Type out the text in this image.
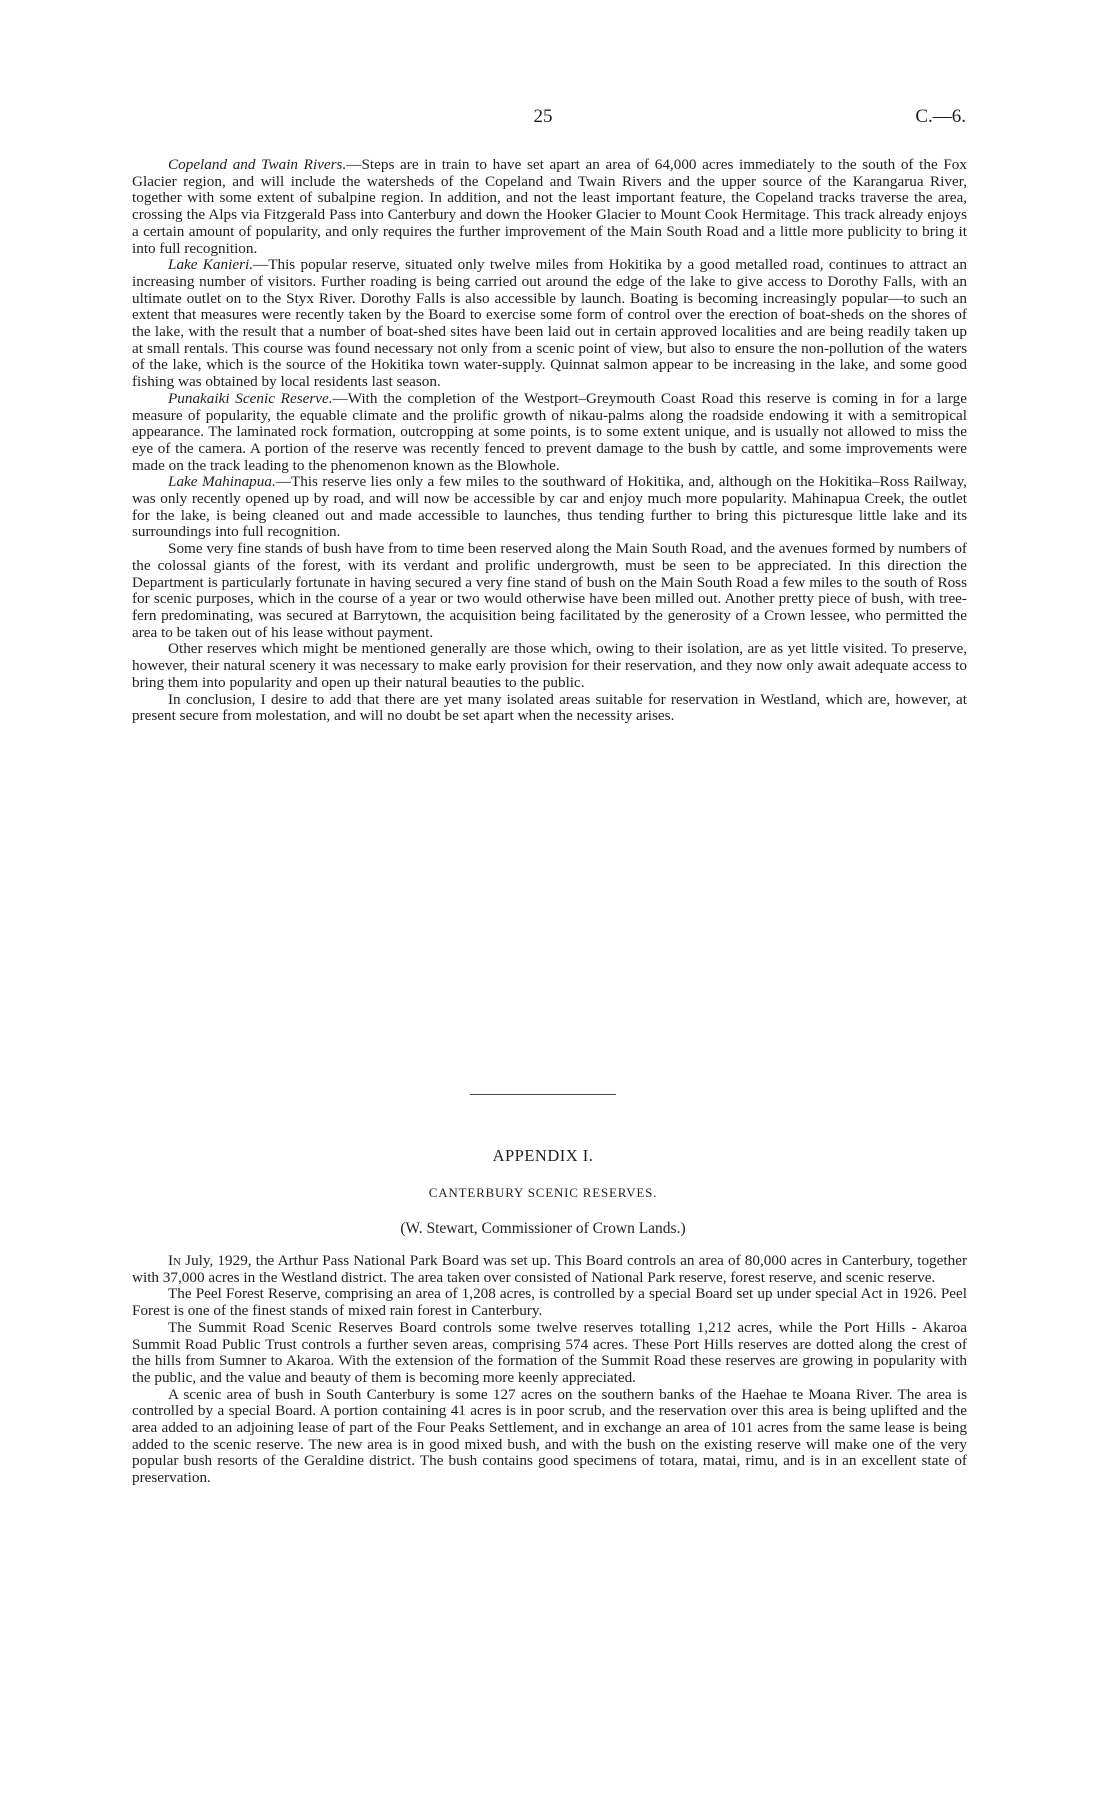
25	C.—6.

Copeland and Twain Rivers.—Steps are in train to have set apart an area of 64,000 acres immediately to the south of the Fox Glacier region, and will include the watersheds of the Copeland and Twain Rivers and the upper source of the Karangarua River, together with some extent of subalpine region. In addition, and not the least important feature, the Copeland tracks traverse the area, crossing the Alps via Fitzgerald Pass into Canterbury and down the Hooker Glacier to Mount Cook Hermitage. This track already enjoys a certain amount of popularity, and only requires the further improvement of the Main South Road and a little more publicity to bring it into full recognition.

Lake Kanieri.—This popular reserve, situated only twelve miles from Hokitika by a good metalled road, continues to attract an increasing number of visitors. Further roading is being carried out around the edge of the lake to give access to Dorothy Falls, with an ultimate outlet on to the Styx River. Dorothy Falls is also accessible by launch. Boating is becoming increasingly popular—to such an extent that measures were recently taken by the Board to exercise some form of control over the erection of boat-sheds on the shores of the lake, with the result that a number of boat-shed sites have been laid out in certain approved localities and are being readily taken up at small rentals. This course was found necessary not only from a scenic point of view, but also to ensure the non-pollution of the waters of the lake, which is the source of the Hokitika town water-supply. Quinnat salmon appear to be increasing in the lake, and some good fishing was obtained by local residents last season.

Punakaiki Scenic Reserve.—With the completion of the Westport–Greymouth Coast Road this reserve is coming in for a large measure of popularity, the equable climate and the prolific growth of nikau-palms along the roadside endowing it with a semitropical appearance. The laminated rock formation, outcropping at some points, is to some extent unique, and is usually not allowed to miss the eye of the camera. A portion of the reserve was recently fenced to prevent damage to the bush by cattle, and some improvements were made on the track leading to the phenomenon known as the Blowhole.

Lake Mahinapua.—This reserve lies only a few miles to the southward of Hokitika, and, although on the Hokitika–Ross Railway, was only recently opened up by road, and will now be accessible by car and enjoy much more popularity. Mahinapua Creek, the outlet for the lake, is being cleaned out and made accessible to launches, thus tending further to bring this picturesque little lake and its surroundings into full recognition.

Some very fine stands of bush have from to time been reserved along the Main South Road, and the avenues formed by numbers of the colossal giants of the forest, with its verdant and prolific undergrowth, must be seen to be appreciated. In this direction the Department is particularly fortunate in having secured a very fine stand of bush on the Main South Road a few miles to the south of Ross for scenic purposes, which in the course of a year or two would otherwise have been milled out. Another pretty piece of bush, with tree-fern predominating, was secured at Barrytown, the acquisition being facilitated by the generosity of a Crown lessee, who permitted the area to be taken out of his lease without payment.

Other reserves which might be mentioned generally are those which, owing to their isolation, are as yet little visited. To preserve, however, their natural scenery it was necessary to make early provision for their reservation, and they now only await adequate access to bring them into popularity and open up their natural beauties to the public.

In conclusion, I desire to add that there are yet many isolated areas suitable for reservation in Westland, which are, however, at present secure from molestation, and will no doubt be set apart when the necessity arises.

APPENDIX I.
CANTERBURY SCENIC RESERVES.
(W. Stewart, Commissioner of Crown Lands.)

In July, 1929, the Arthur Pass National Park Board was set up. This Board controls an area of 80,000 acres in Canterbury, together with 37,000 acres in the Westland district. The area taken over consisted of National Park reserve, forest reserve, and scenic reserve.

The Peel Forest Reserve, comprising an area of 1,208 acres, is controlled by a special Board set up under special Act in 1926. Peel Forest is one of the finest stands of mixed rain forest in Canterbury.

The Summit Road Scenic Reserves Board controls some twelve reserves totalling 1,212 acres, while the Port Hills - Akaroa Summit Road Public Trust controls a further seven areas, comprising 574 acres. These Port Hills reserves are dotted along the crest of the hills from Sumner to Akaroa. With the extension of the formation of the Summit Road these reserves are growing in popularity with the public, and the value and beauty of them is becoming more keenly appreciated.

A scenic area of bush in South Canterbury is some 127 acres on the southern banks of the Haehae te Moana River. The area is controlled by a special Board. A portion containing 41 acres is in poor scrub, and the reservation over this area is being uplifted and the area added to an adjoining lease of part of the Four Peaks Settlement, and in exchange an area of 101 acres from the same lease is being added to the scenic reserve. The new area is in good mixed bush, and with the bush on the existing reserve will make one of the very popular bush resorts of the Geraldine district. The bush contains good specimens of totara, matai, rimu, and is in an excellent state of preservation.
